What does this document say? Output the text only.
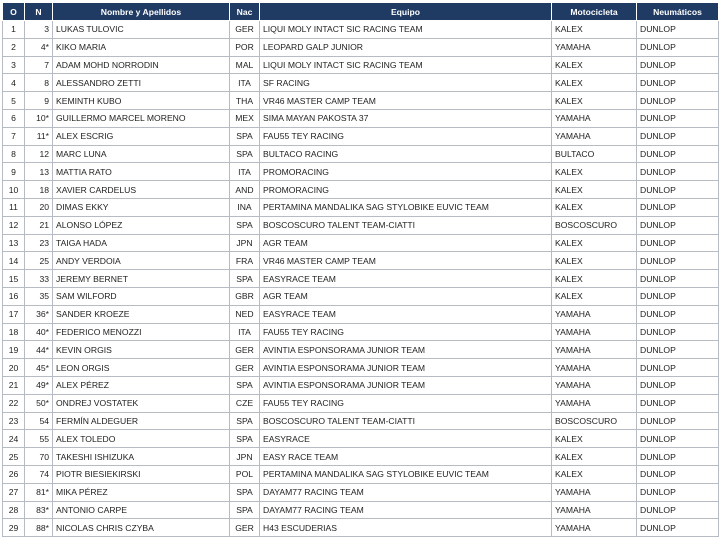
O	N	Nombre y Apellidos	Nac	Equipo	Motocicleta	Neumáticos
1	3	LUKAS TULOVIC	GER	LIQUI MOLY INTACT SIC RACING TEAM	KALEX	DUNLOP
2	4*	KIKO MARIA	POR	LEOPARD GALP JUNIOR	YAMAHA	DUNLOP
3	7	ADAM MOHD NORRODIN	MAL	LIQUI MOLY INTACT SIC RACING TEAM	KALEX	DUNLOP
4	8	ALESSANDRO ZETTI	ITA	SF RACING	KALEX	DUNLOP
5	9	KEMINTH KUBO	THA	VR46 MASTER CAMP TEAM	KALEX	DUNLOP
6	10*	GUILLERMO MARCEL MORENO	MEX	SIMA MAYAN PAKOSTA 37	YAMAHA	DUNLOP
7	11*	ALEX ESCRIG	SPA	FAU55 TEY RACING	YAMAHA	DUNLOP
8	12	MARC LUNA	SPA	BULTACO RACING	BULTACO	DUNLOP
9	13	MATTIA RATO	ITA	PROMORACING	KALEX	DUNLOP
10	18	XAVIER CARDELUS	AND	PROMORACING	KALEX	DUNLOP
11	20	DIMAS EKKY	INA	PERTAMINA MANDALIKA SAG STYLOBIKE EUVIC TEAM	KALEX	DUNLOP
12	21	ALONSO LÓPEZ	SPA	BOSCOSCURO TALENT TEAM-CIATTI	BOSCOSCURO	DUNLOP
13	23	TAIGA HADA	JPN	AGR TEAM	KALEX	DUNLOP
14	25	ANDY VERDOIA	FRA	VR46 MASTER CAMP TEAM	KALEX	DUNLOP
15	33	JEREMY BERNET	SPA	EASYRACE TEAM	KALEX	DUNLOP
16	35	SAM WILFORD	GBR	AGR TEAM	KALEX	DUNLOP
17	36*	SANDER KROEZE	NED	EASYRACE TEAM	YAMAHA	DUNLOP
18	40*	FEDERICO MENOZZI	ITA	FAU55 TEY RACING	YAMAHA	DUNLOP
19	44*	KEVIN ORGIS	GER	AVINTIA ESPONSORAMA JUNIOR TEAM	YAMAHA	DUNLOP
20	45*	LEON ORGIS	GER	AVINTIA ESPONSORAMA JUNIOR TEAM	YAMAHA	DUNLOP
21	49*	ALEX PÉREZ	SPA	AVINTIA ESPONSORAMA JUNIOR TEAM	YAMAHA	DUNLOP
22	50*	ONDREJ VOSTATEK	CZE	FAU55 TEY RACING	YAMAHA	DUNLOP
23	54	FERMÍN ALDEGUER	SPA	BOSCOSCURO TALENT TEAM-CIATTI	BOSCOSCURO	DUNLOP
24	55	ALEX TOLEDO	SPA	EASYRACE	KALEX	DUNLOP
25	70	TAKESHI ISHIZUKA	JPN	EASY RACE TEAM	KALEX	DUNLOP
26	74	PIOTR BIESIEKIRSKI	POL	PERTAMINA MANDALIKA SAG STYLOBIKE EUVIC TEAM	KALEX	DUNLOP
27	81*	MIKA PÉREZ	SPA	DAYAM77 RACING TEAM	YAMAHA	DUNLOP
28	83*	ANTONIO CARPE	SPA	DAYAM77 RACING TEAM	YAMAHA	DUNLOP
29	88*	NICOLAS CHRIS CZYBA	GER	H43 ESCUDERIAS	YAMAHA	DUNLOP
